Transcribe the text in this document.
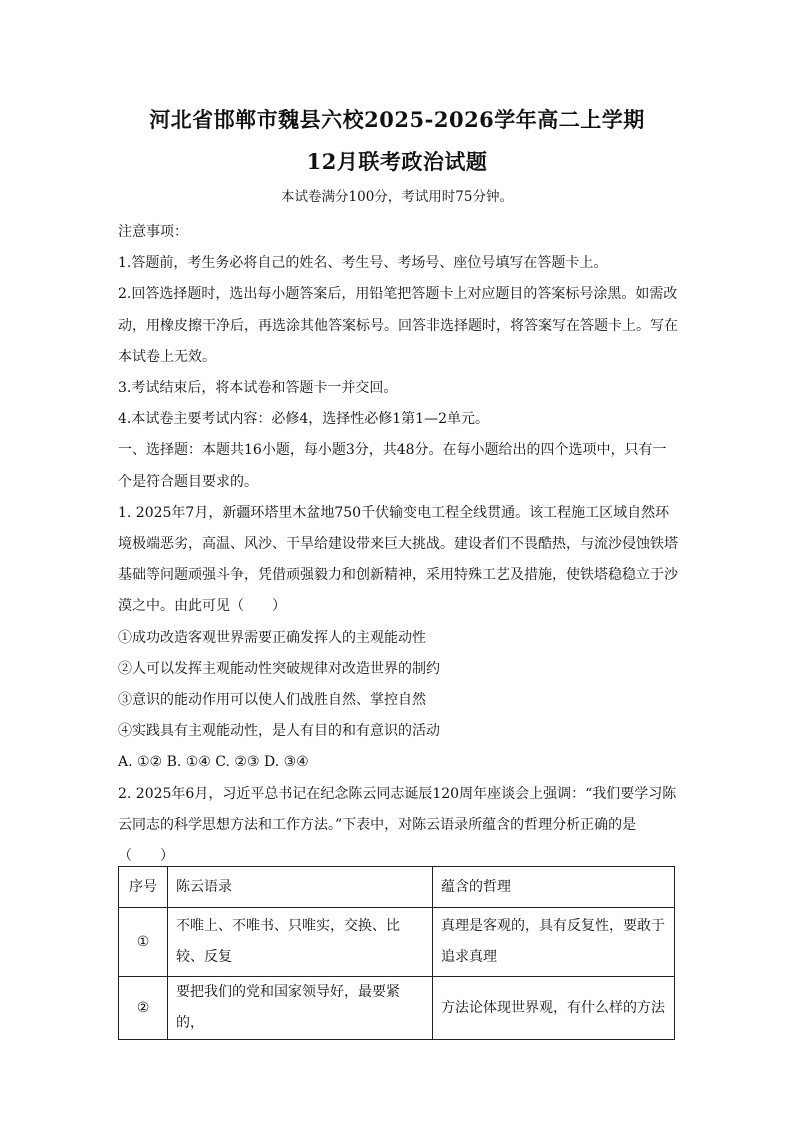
河北省邯郸市魏县六校2025-2026学年高二上学期
12月联考政治试题
本试卷满分100分，考试用时75分钟。

注意事项：

1.答题前，考生务必将自己的姓名、考生号、考场号、座位号填写在答题卡上。

2.回答选择题时，选出每小题答案后，用铅笔把答题卡上对应题目的答案标号涂黑。如需改动，用橡皮擦干净后，再选涂其他答案标号。回答非选择题时，将答案写在答题卡上。写在本试卷上无效。

3.考试结束后，将本试卷和答题卡一并交回。

4.本试卷主要考试内容：必修4，选择性必修1第1—2单元。

一、选择题：本题共16小题，每小题3分，共48分。在每小题给出的四个选项中，只有一个是符合题目要求的。

1. 2025年7月，新疆环塔里木盆地750千伏输变电工程全线贯通。该工程施工区域自然环境极端恶劣，高温、风沙、干旱给建设带来巨大挑战。建设者们不畏酷热，与流沙侵蚀铁塔基础等问题顽强斗争，凭借顽强毅力和创新精神，采用特殊工艺及措施，使铁塔稳稳立于沙漠之中。由此可见（　　）

①成功改造客观世界需要正确发挥人的主观能动性

②人可以发挥主观能动性突破规律对改造世界的制约

③意识的能动作用可以使人们战胜自然、掌控自然

④实践具有主观能动性，是人有目的和有意识的活动

A. ①② B. ①④ C. ②③ D. ③④

2. 2025年6月，习近平总书记在纪念陈云同志诞辰120周年座谈会上强调：“我们要学习陈云同志的科学思想方法和工作方法。”下表中，对陈云语录所蕴含的哲理分析正确的是（　　）

序号	陈云语录	蕴含的哲理
①	不唯上、不唯书、只唯实，交换、比较、反复	真理是客观的，具有反复性，要敢于追求真理
②	要把我们的党和国家领导好，最要紧的，	方法论体现世界观，有什么样的方法
